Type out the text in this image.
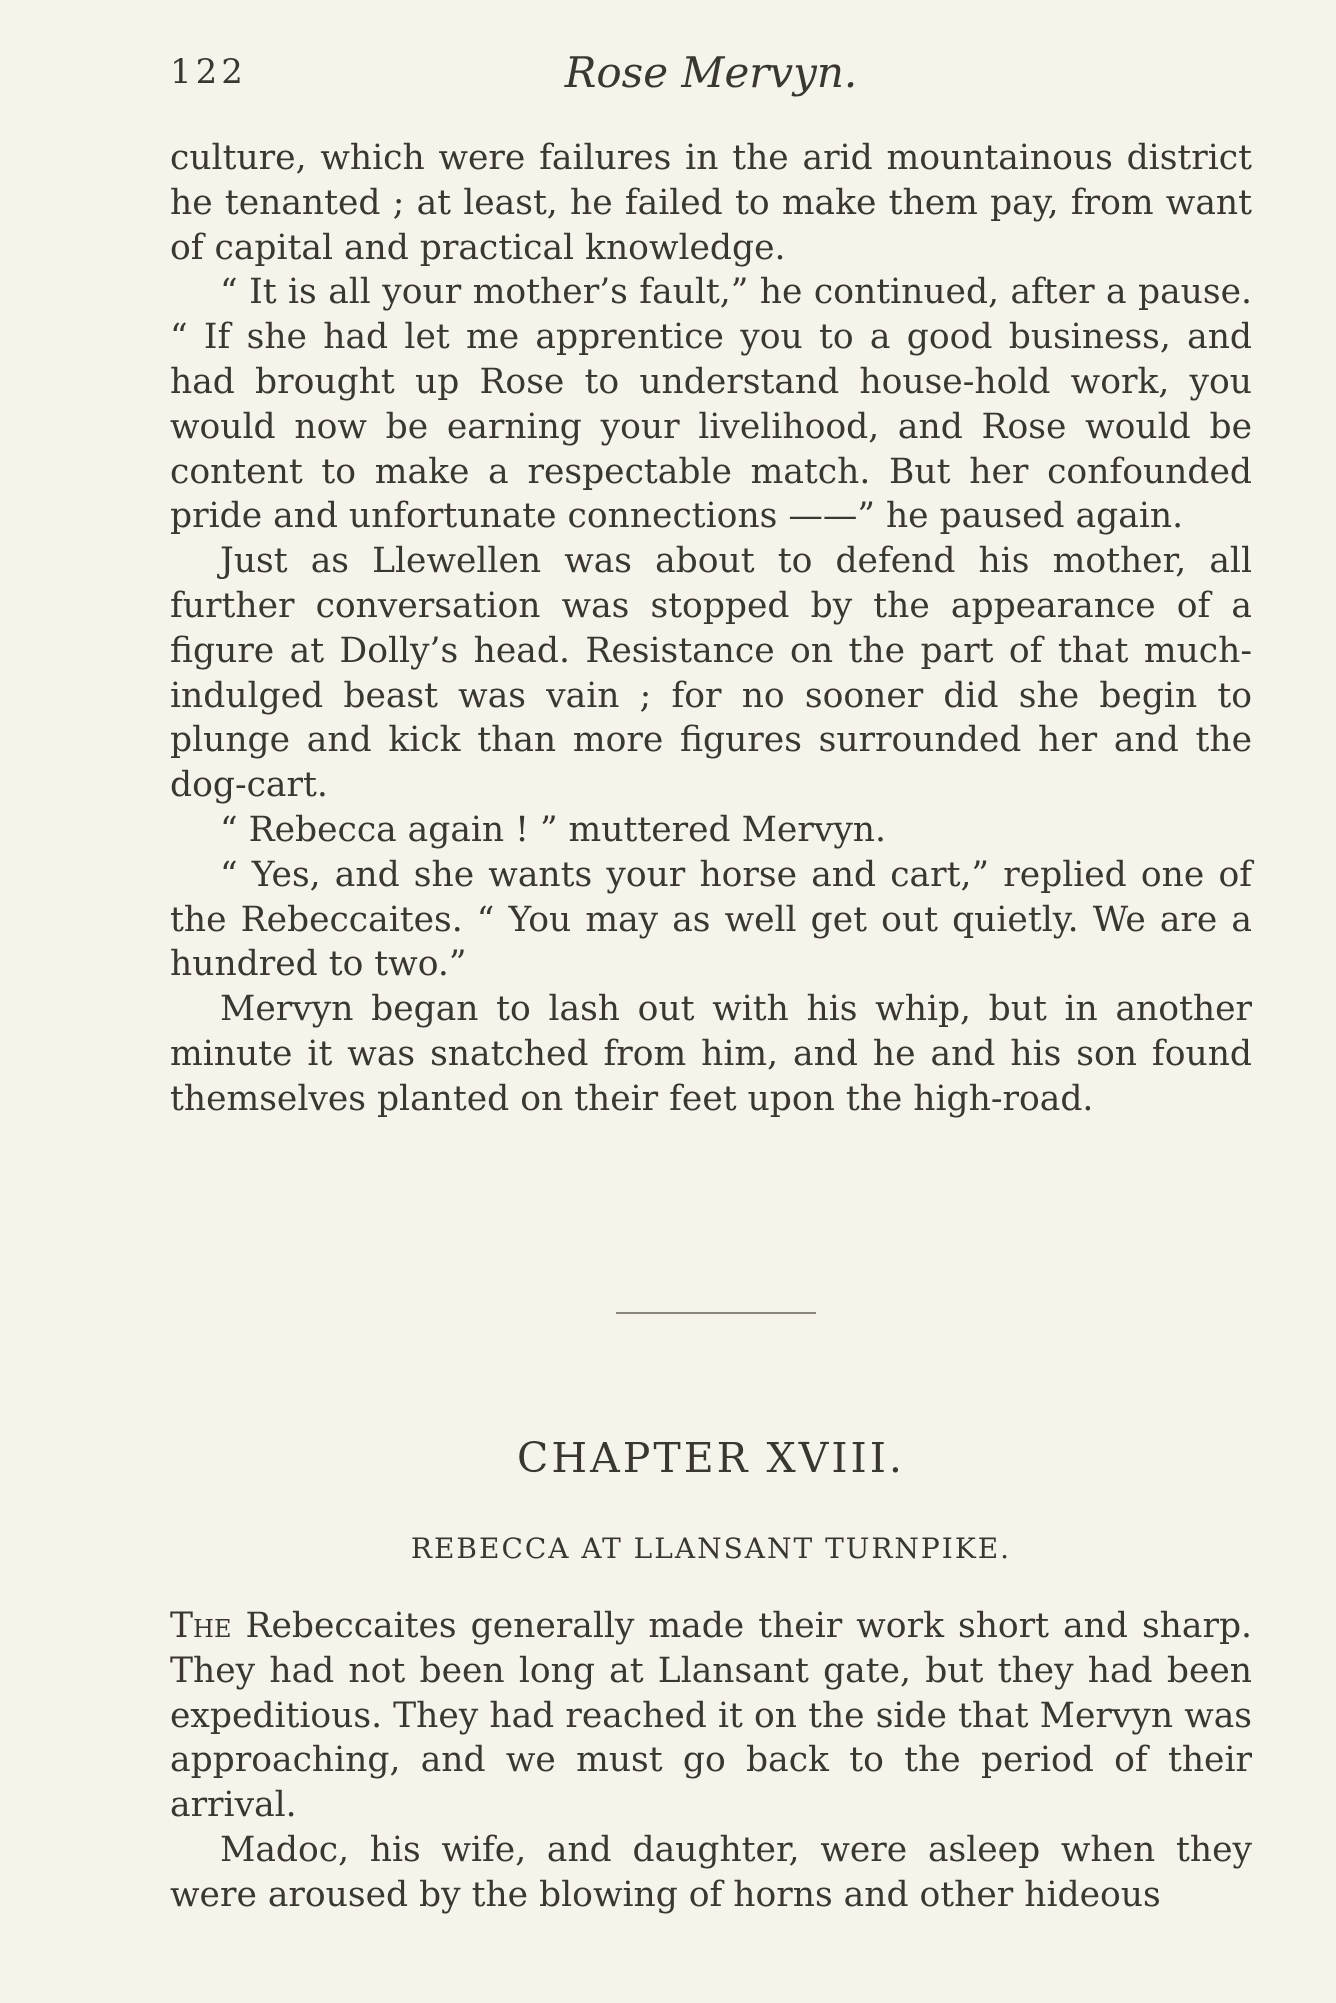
122	Rose Mervyn.

culture, which were failures in the arid mountainous district he tenanted ; at least, he failed to make them pay, from want of capital and practical knowledge.

“ It is all your mother’s fault,” he continued, after a pause. “ If she had let me apprentice you to a good business, and had brought up Rose to understand house-hold work, you would now be earning your livelihood, and Rose would be content to make a respectable match. But her confounded pride and unfortunate connections ——” he paused again.

Just as Llewellen was about to defend his mother, all further conversation was stopped by the appearance of a figure at Dolly’s head. Resistance on the part of that much-indulged beast was vain ; for no sooner did she begin to plunge and kick than more figures surrounded her and the dog-cart.

“ Rebecca again ! ” muttered Mervyn.

“ Yes, and she wants your horse and cart,” replied one of the Rebeccaites. “ You may as well get out quietly. We are a hundred to two.”

Mervyn began to lash out with his whip, but in another minute it was snatched from him, and he and his son found themselves planted on their feet upon the high-road.

CHAPTER XVIII.
REBECCA AT LLANSANT TURNPIKE.

The Rebeccaites generally made their work short and sharp. They had not been long at Llansant gate, but they had been expeditious. They had reached it on the side that Mervyn was approaching, and we must go back to the period of their arrival.

Madoc, his wife, and daughter, were asleep when they were aroused by the blowing of horns and other hideous
